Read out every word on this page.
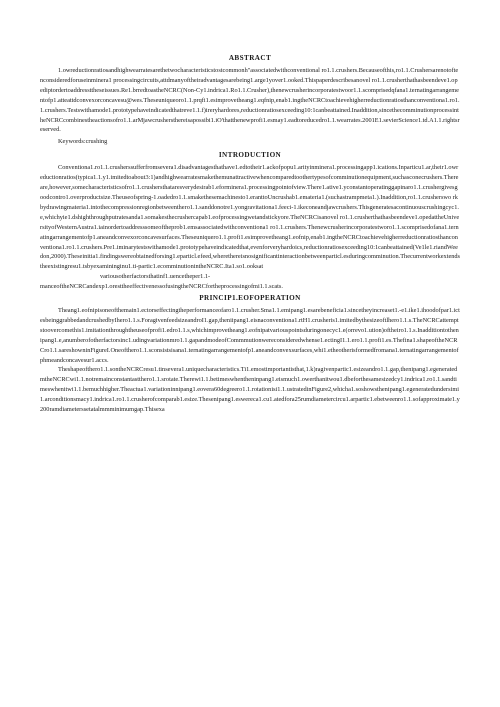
ABSTRACT

1.owreductionratiosandhighwearratesarethetwocharacteristicstostcommonh"associatedwithconventional ro1.1.crushers.Becauseofthis,ro1.1.Crushersarenotoftenconsideredforuseinminera1 processingcircuits,attdmanyoftheiradvantagesarebeing1.arge1yover1.ooked.Thispaperdescribesanovel ro1.1.crusherthathasbeendeve1.opediptordertoaddressttheseissues.Re1.brredtoastheNCRC(Non-Cy1.indrica1.Ro1.1.Crusher),thenewcrusherincorporatestwoor1.1.scomprisedqfana1.ternatingarrangementofp1.atteattdconvexorconcavesu@wes.Theseuniqueoro1.1.prqfi1.esimprovetheang1.eqfnip,enab1.ingtheNCRCtoachievehigherreductionratiosthanconventiona1.ro1.1.crushers.Testswithamode1.prototypehaveindicatedthatreve1.1.f)ireryhardores,reductionratiosexceeding10:1canbeattained.Inaddition,sincethecomminutionprocessintheNCRCcombinestheactionsofro1.1.arMjawcrushersthereisapossibi1.iO'thatthenewprofi1.esmay1.eadtoreducedro1.1.wearrates.2001E1.sevierScience1.td.A1.1.rightsreserved.

Keywords:crushing

INTRODUCTION

Conventiona1.ro1.1.crusherssufferfromsevera1.disadvantagesthathave1.edtotheir1.ackofpopu1.arityinminera1.processingapp1.ications.Inparticu1.ar,their1.owreductionratios(typica1.1.y1.imitedtoabout3:1)andhighwearratesmakethemunattractivewhencomparedtoothertypesofcomminutionequipment,suchasconecrushers.Thereare,however,somecharacteristicsofro1.1.crushersthataresverydesirab1.eforminera1.processingpointofview.There1.ative1.yconstantoperatinggapinaro1.1.crushergivesgoodcontro1.overproductsize.Theuseofspring-1.oadedro1.1.smakethesemachinesto1.eranttoUncrushab1.emateria1.(suchastrampmeta1.).Inaddition,ro1.1.crusherswo rkbydrawingmateria1.intothecompressionregionbetweenthero1.1.sanddonotre1.yongravitationa1.feeci-1.ikeconeandjawcrushers.Thisgeneratesacontinuouscrushingcyc1.e,whichyie1.dshighthroughputratesanda1.somakesthecrushercapab1.eofprocessingwetandstickyore.TheNCRCisanovel ro1.1.crusherthathasbeendeve1.opedattheUniversityofWesternAustra1.iainordertoaddresssomeoftheprob1.emsassociatedwithconventiona1 ro1.1.crushers.Thenewcrusherincorporatestworo1.1.scomprisedofana1.ternatingarrangementofp1.aneandconvexorconcavesurfaces.Theseuniquero1.1.profi1.esimprovetheang1.eofnip,enab1.ingtheNCRCtoachievehigherreductionratiosthanconventiona1.ro1.1.crushers.Pre1.iminarytestswithamode1.prototypehaveindicatedthat,evenforveryhardoics,reductionratiosexceeding10:1canbeattained(Ve1le1.riandWeedon,2000).Theseinitia1.findingswereobtainedforsing1.eparticl.efeed,wherethereisnosignificantinteractionbetweenparticl.esduringcomminution.Thecurrentworkextendstheexistingresu1.tsbyexamininginu1.ti-partic1.ecomminutionintheNCRC.Ita1.so1.ooksat

variousotherfactorsthatinf1.uencetheper1.1-

manceoftheNCRCandexp1.oresttheeffectivenessofusingtheNCRCfortheprocessingofmi1.1.scats.

PRINCIP1.EOFOPERATION

Theang1.eofnipisoneofthemain1.ectorseffectingtheperformanceofaro1.1.crusher.Sma1.1.emipang1.esarebeneficia1.sincetheyincreaset1.-e1.ike1.ihoodofpar1.ictesbeinggrabbedandcrushedbyIhero1.1.s.ForagivenfeedsizeandroI1.gap,theniipang1.eisnaconventiona1.rtH1.crusheris1.imitedbythesizeoftlhero1.1.s.TheNCRCattemptstoovercomethis1.imitationthroughtheuseofprofi1.edro1.1.s,whichimprovetheang1.eofnipatvariouspointsduringonecyc1.e(orrevo1.ution)oftheiro1.1.s.Inadditiontothenipang1.e,anumberofotherfactorsinc1.udingvariationmro1.1.gapandmodeofCommmutionwereconsideredwhense1.ectingI1.1.ero1.1.profi1.es.Thefina1.shapeoftheNCRCro1.1.sareshowninFigureI.Oneofthero1.1.sconsistsisana1.ternatingarrangementofp1.aneandconvexsurfaces,whi1.etheotherisformedfromana1.ternatingarrangementofphmeandconcavesur1.accs.

Theshapeofthero1.1.sontheNCRCresu1.tinsevera1.uniquecharacteristics.Ti1.emostimportantisthat,1.k)ragivenpartic1.esizeandro1.1.gap,thenipang1.egeneratedmtheNCRCwi1.1.notremainconstantastthero1.1.srotate.Therewi1.1.betimeswhentheninpang1.eismuch1.owerthanitwou1.dbeforthesamesizedcy1.indrica1.ro1.1.sandtimeswhenitwi1.1.bemuchhigher.Theactua1.variationinnipang1.eovera60degreero1.1.rotationisi1.1.ustratedinFigure2,whicha1.soshowsthenipang1.egeneratedundersimi1.arconditionsmacy1.indrica1.ro1.1.crusherofcomparab1.esize.Thesenipang1.eswereca1.cu1.atedfora25rumdiametercircu1.arpartic1.ebetweenro1.1.sofapproximate1.y200ramdiameterssetatalmmminimumgap.Thisexa
